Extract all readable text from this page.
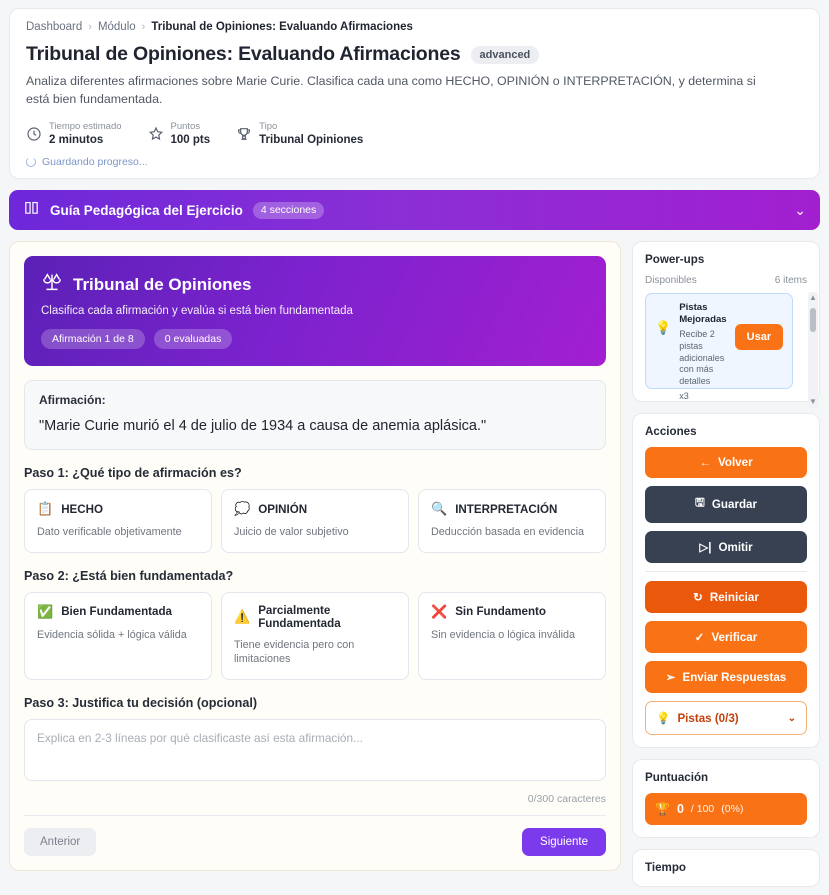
Dashboard › Módulo › Tribunal de Opiniones: Evaluando Afirmaciones
Tribunal de Opiniones: Evaluando Afirmaciones	advanced
Analiza diferentes afirmaciones sobre Marie Curie. Clasifica cada una como HECHO, OPINIÓN o INTERPRETACIÓN, y determina si está bien fundamentada.
Tiempo estimado
2 minutos
Puntos
100 pts
Tipo
Tribunal Opiniones
Guardando progreso...
Guía Pedagógica del Ejercicio	4 secciones	⌄
Tribunal de Opiniones
Clasifica cada afirmación y evalúa si está bien fundamentada
Afirmación 1 de 8	0 evaluadas
Afirmación:
"Marie Curie murió el 4 de julio de 1934 a causa de anemia aplásica."
Paso 1: ¿Qué tipo de afirmación es?
📋 HECHO
Dato verificable objetivamente
💭 OPINIÓN
Juicio de valor subjetivo
🔍 INTERPRETACIÓN
Deducción basada en evidencia
Paso 2: ¿Está bien fundamentada?
✅ Bien Fundamentada
Evidencia sólida + lógica válida
⚠️ Parcialmente Fundamentada
Tiene evidencia pero con limitaciones
❌ Sin Fundamento
Sin evidencia o lógica inválida
Paso 3: Justifica tu decisión (opcional)
Explica en 2-3 líneas por qué clasificaste así esta afirmación...
0/300 caracteres
Anterior	Siguiente
Power-ups
Disponibles	6 items
💡
Pistas Mejoradas
Recibe 2 pistas adicionales con más detalles
x3
Usar
▲
▼
Acciones
← Volver
🖫 Guardar
▷| Omitir
↻ Reiniciar
✓ Verificar
➢ Enviar Respuestas
💡 Pistas (0/3)	⌄
Puntuación
🏆 0 / 100 (0%)
Tiempo
